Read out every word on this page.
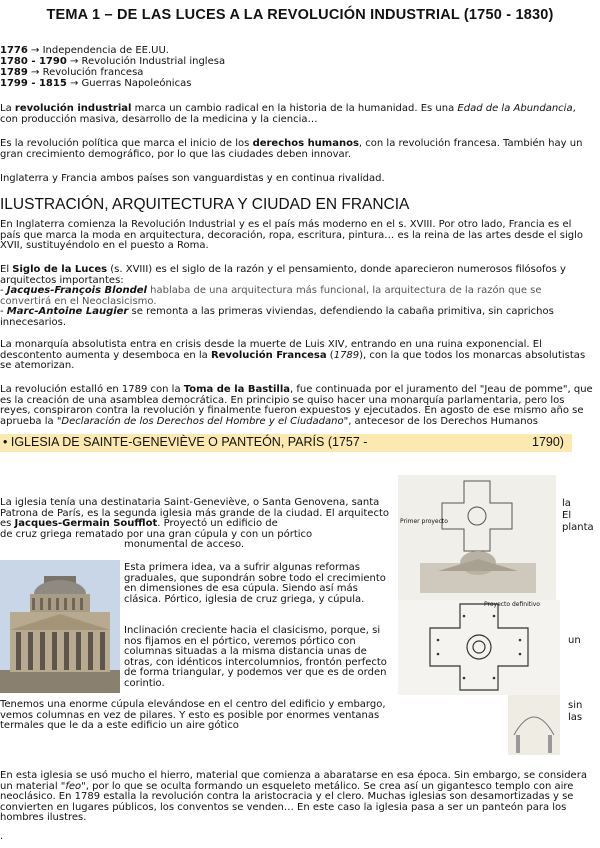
TEMA 1 – DE LAS LUCES A LA REVOLUCIÓN INDUSTRIAL (1750 - 1830)
1776 → Independencia de EE.UU.
1780 - 1790 → Revolución Industrial inglesa
1789 → Revolución francesa
1799 - 1815 → Guerras Napoleónicas
La revolución industrial marca un cambio radical en la historia de la humanidad. Es una Edad de la Abundancia, con producción masiva, desarrollo de la medicina y la ciencia…
Es la revolución política que marca el inicio de los derechos humanos, con la revolución francesa. También hay un gran crecimiento demográfico, por lo que las ciudades deben innovar.
Inglaterra y Francia ambos países son vanguardistas y en continua rivalidad.
ILUSTRACIÓN, ARQUITECTURA Y CIUDAD EN FRANCIA
En Inglaterra comienza la Revolución Industrial y es el país más moderno en el s. XVIII. Por otro lado, Francia es el país que marca la moda en arquitectura, decoración, ropa, escritura, pintura… es la reina de las artes desde el siglo XVII, sustituyéndolo en el puesto a Roma.
El Siglo de la Luces (s. XVIII) es el siglo de la razón y el pensamiento, donde aparecieron numerosos filósofos y arquitectos importantes:
- Jacques-François Blondel hablaba de una arquitectura más funcional, la arquitectura de la razón que se convertirá en el Neoclasicismo.
- Marc-Antoine Laugier se remonta a las primeras viviendas, defendiendo la cabaña primitiva, sin caprichos innecesarios.
La monarquía absolutista entra en crisis desde la muerte de Luis XIV, entrando en una ruina exponencial. El descontento aumenta y desemboca en la Revolución Francesa (1789), con la que todos los monarcas absolutistas se atemorizan.
La revolución estalló en 1789 con la Toma de la Bastilla, fue continuada por el juramento del "Jeau de pomme", que es la creación de una asamblea democrática. En principio se quiso hacer una monarquía parlamentaria, pero los reyes, conspiraron contra la revolución y finalmente fueron expuestos y ejecutados. En agosto de ese mismo año se aprueba la "Declaración de los Derechos del Hombre y el Ciudadano", antecesor de los Derechos Humanos
• IGLESIA DE SAINTE-GENEVIÈVE O PANTEÓN, PARÍS (1757 -	1790)
La iglesia tenía una destinataria Saint-Geneviève, o Santa Genovena, santa Patrona de París, es la segunda iglesia más grande de la ciudad. El arquitecto es Jacques-Germain Soufflot. Proyectó un edificio de
de cruz griega rematado por una gran cúpula y con un pórtico
monumental de acceso.
la
El
planta
Esta primera idea, va a sufrir algunas reformas graduales, que supondrán sobre todo el crecimiento en dimensiones de esa cúpula. Siendo así más clásica. Pórtico, iglesia de cruz griega, y cúpula.
Inclinación creciente hacia el clasicismo, porque, si nos fijamos en el pórtico, veremos pórtico con columnas situadas a la misma distancia unas de otras, con idénticos intercolumnios, frontón perfecto de forma triangular, y podemos ver que es de orden corintio.
un
Tenemos una enorme cúpula elevándose en el centro del edificio y embargo, vemos columnas en vez de pilares. Y esto es posible por enormes ventanas termales que le da a este edificio un aire gótico
sin
las
En esta iglesia se usó mucho el hierro, material que comienza a abaratarse en esa época. Sin embargo, se considera un material "feo", por lo que se oculta formando un esqueleto metálico. Se crea así un gigantesco templo con aire neoclásico. En 1789 estalla la revolución contra la aristocracia y el clero. Muchas iglesias son desamortizadas y se convierten en lugares públicos, los conventos se venden… En este caso la iglesia pasa a ser un panteón para los hombres ilustres.
.
Primer proyecto
Proyecto definitivo
